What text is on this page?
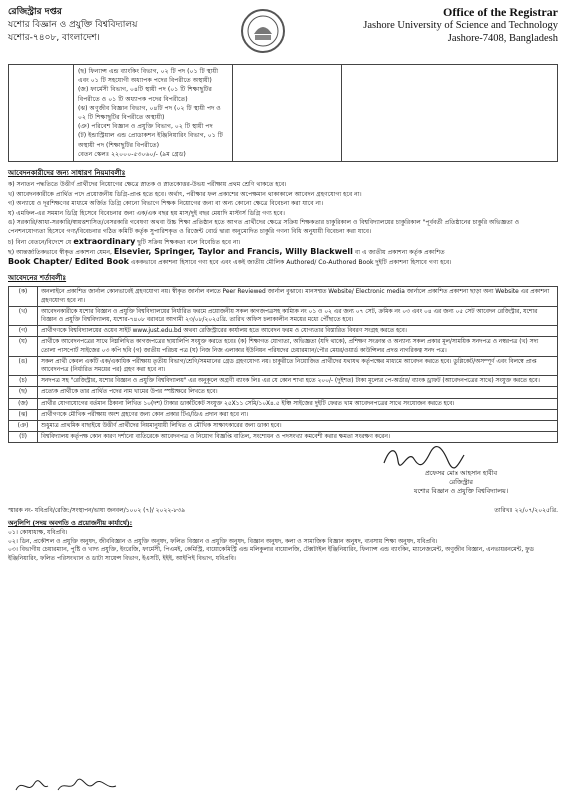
রেজিস্ট্রার দপ্তর
যশোর বিজ্ঞান ও প্রযুক্তি বিশ্ববিদ্যালয়
যশোর-৭৪০৮, বাংলাদেশ।
Office of the Registrar
Jashore University of Science and Technology
Jashore-7408, Bangladesh

(ছ) ফিন্যান্স এন্ড ব্যাংকিং বিভাগ, ০২ টি পদ (০১ টি স্থায়ী এবং ০১ টি সহযোগী অধ্যাপক পদের বিপরীতে অস্থায়ী)

(জ) ফার্মেসী বিভাগ, ০৪টি স্থায়ী পদ (০১ টি শিক্ষাছুটির বিপরীতে ও ০১ টি অধ্যাপক পদের বিপরীতে)

(ঝ) অণুজীব বিজ্ঞান বিভাগ, ০৪টি পদ (০২ টি স্থায়ী পদ ও ০২ টি শিক্ষাছুটির বিপরীতে অস্থায়ী)

(ঞ) পরিবেশ বিজ্ঞান ও প্রযুক্তি বিভাগ, ০২ টি স্থায়ী পদ

(ট) ইন্ডাস্ট্রিয়াল এন্ড প্রোডাকশন ইঞ্জিনিয়ারিং বিভাগ, ০১ টি অস্থায়ী পদ (শিক্ষাছুটির বিপরীতে)

বেতন স্কেলঃ ২২০০০-৫৩০৬০/- (৯ম গ্রেড)

আবেদনকারীদের জন্য সাধারণ নিয়মাবলীঃ
ক) সনাতন পদ্ধতিতে উত্তীর্ণ প্রার্থীদের নিয়োগের ক্ষেত্রে স্নাতক ও স্নাতকোত্তর-উভয় পরীক্ষায় প্রথম শ্রেণি থাকতে হবে।
খ) আবেদনকারীকে প্রার্থিত পদে প্রয়োজনীয় ডিগ্রি-প্রাপ্ত হতে হবে। অর্থাৎ, পরীক্ষার ফল প্রকাশের অপেক্ষমান থাকাকালে আবেদন গ্রহণযোগ্য হবে না।
গ) অন্যায়ে ও দূরশিক্ষণের মাধ্যমে অর্জিত ডিগ্রি কোনো বিভাগে শিক্ষক নিয়োগের জন্য বা অন্য কোনো ক্ষেত্রে বিবেচনা করা যাবে না।
ঘ) এমফিল-এর সমমান ডিগ্রি হিসেবে বিবেচনার জন্য এক/এক বছর হয় মাস/দুই বছর মেয়াদি মাস্টার্স ডিগ্রি গণ্য হবে।
ঙ) সরকারি/আধা-সরকারি/স্বায়ত্তশাসিত/বেসরকারি গবেষণা অথবা উচ্চ শিক্ষা প্রতিষ্ঠান হতে আগত প্রার্থীদের ক্ষেত্রে সক্রিয় শিক্ষকতার চাকুরিকাল ও বিশ্ববিদ্যালয়ের চাকুরিকাল "পূর্ববর্তী প্রতিষ্ঠানের চাকুরি অভিজ্ঞতা ও পেনশনযোগ্যতা হিসেবে গণ্য/বিবেচনার গঠিত কমিটি কর্তৃক সুপারিশকৃত ও রিজেন্ট বোর্ড দ্বারা অনুমোদিত চাকুরি গণনা বিধি অনুযায়ী বিবেচনা করা যাবে।
চ) বিনা বেতনে/বিদেশে যে extraordinary ছুটি সক্রিয় শিক্ষকতা বলে বিবেচিত হবে না।
ছ) আন্তর্জাতিকভাবে স্বীকৃত প্রকাশনা যেমন, Elsevier, Springer, Taylor and Francis, Willy Blackwell বা এ জাতীয় প্রকাশনা কর্তৃক প্রকাশিত
Book Chapter/ Edited Book এককভাবে প্রকাশনা হিসাবে গণ্য হবে এবং একই জাতীয় মৌলিক Authored/ Co-Authored Book দুইটি প্রকাশনা হিসাবে গণ্য হবে।
আবেদনের শর্তাবলীঃ
(ক)	অনলাইনে প্রকাশিত জার্নাল কোনভাবেই গ্রহণযোগ্য নয়। স্বীকৃত জার্নাল বলতে Peer Reviewed জার্নাল বুঝাবে। মানসম্মত Website/ Electronic media জার্নালে প্রকাশিত প্রকাশনা ছাড়া অন্য Website এর প্রকাশনা গ্রহণযোগ্য হবে না।
(খ)	আবেদনকারীকে যশোর বিজ্ঞান ও প্রযুক্তি বিশ্ববিদ্যালয়ের নির্ধারিত ফরমে প্রয়োজনীয় সকল কাগজপত্রসহ কাম্যিক নং ০১ ও ০২ এর জন্য ০৭ সেট, ক্রমিক নং ০৩ এবং ০৪ এর জন্য ০৫ সেট আবেদন রেজিস্ট্রার, যশোর বিজ্ঞান ও প্রযুক্তি বিশ্ববিদ্যালয়, যশোর-৭৪০৮ বরাবরে আগামী ২৩/০৮/২০২৫খ্রি. তারিখ অফিস চলাকালীন সময়ের মধ্যে পৌঁছাতে হবে।
(গ)	প্রার্থীগণকে বিশ্ববিদ্যালয়ের ওয়েব সাইট www.just.edu.bd অথবা রেজিস্ট্রারের কার্যালয় হতে আবেদন ফরম ও যোগ্যতার বিস্তারিত বিবরণ সংগ্রহ করতে হবে।
(ঘ)	প্রার্থীকে আবেদনপত্রের সাথে নিম্নলিখিত কাগজপত্রের ছায়ালিপি সংযুক্ত করতে হবেঃ (ক) শিক্ষাগত যোগ্যতা, অভিজ্ঞতা (যদি থাকে), প্রশিক্ষণ সংক্রান্ত ও অন্যান্য সকল প্রকার মূল/সাময়িক সনদপত্র ও নম্বরপত্র (খ) সদ্য তোলা পাসপোর্ট সাইজের ০৩ কপি ছবি (গ) জাতীয় পরিচয় পত্র (ঘ) নিজ নিজ এলাকার ইউনিয়ন পরিষদের চেয়ারম্যান/পৌর মেয়র/ওয়ার্ড কাউন্সিলর প্রদত্ত নাগরিকত্ব সনদ পত্র।
(ঙ)	সকল প্রার্থী কেবল একটি এক/একাধিক পরীক্ষায় তৃতীয় বিভাগ/শ্রেণি/সমমানের গ্রেড গ্রহণযোগ্য নয়। চাকুরীতে নিয়োজিত প্রার্থীদের যথাযথ কর্তৃপক্ষের মাধ্যমে আবেদন করতে হবে। ডুপ্লিকেট/অসম্পূর্ণ এবং বিলম্বে প্রাপ্ত আবেদনপত্র (নির্ধারিত সময়ের পর) গ্রহণ করা হবে না।
(চ)	সনদপত্র সহ "রেজিস্ট্রার, যশোর বিজ্ঞান ও প্রযুক্তি বিশ্ববিদ্যালয়" এর অনুকূলে অগ্রণী ব্যাংক লিঃ এর যে কোন শাখা হতে ২০০/- (দুইশত) টাকা মূল্যের পে-অর্ডার/ ব্যাংক ড্রাফট (আবেদনপত্রের সাথে) সংযুক্ত করতে হবে।
(ছ)	প্রত্যেক প্রার্থীকে তার প্রার্থিত পদের নাম খামের উপর স্পষ্টাক্ষরে লিখতে হবে।
(জ)	প্রার্থীর যোগাযোগের বর্তমান ঠিকানা লিখিত ১০(দশ) টাকার ডাকটিকেট সংযুক্ত ২৫X১১ সেমি/১০X৪.৫ ইঞ্চি সাইজের দুইটি ফেরত খাম আবেদনপত্রের সাথে সংযোজন করতে হবে।
(ঝ)	প্রার্থীগণকে মৌখিক পরীক্ষায় অংশ গ্রহণের জন্য কোন প্রকার টিএ/ডিএ প্রদান করা হবে না।
(ঞ)	শুধুমাত্র প্রাথমিক বাছাইয়ে উত্তীর্ণ প্রার্থীদের নিয়মানুযায়ী লিখিত ও মৌখিক সাক্ষাৎকারের জন্য ডাকা হবে।
(ট)	বিশ্ববিদ্যালয় কর্তৃপক্ষ কোন কারণ দর্শানো ব্যতিরেকে আবেদনপত্র ও নিয়োগ বিজ্ঞপ্তি বাতিল, সংশোধন ও পদসংখ্যা কমবেশী করার ক্ষমতা সংরক্ষণ করেন।
প্রফেসর মোঃ আহসান হাবীব
রেজিস্ট্রার
যশোর বিজ্ঞান ও প্রযুক্তি বিশ্ববিদ্যালয়।
স্মারক নং- যবিপ্রবি/রেজি:/সংস্থাপন/ভাষা জনবল/১০০২ (৭)/ ২০২২-৮৩৯	তারিখঃ ২২/০৭/২০২৫খ্রি.
অনুলিপি (সদয় অবগতি ও প্রয়োজনীয় কার্যার্থে):
০১। কোষাধ্যক্ষ, যবিপ্রবি।
০২। ডিন, প্রকৌশল ও প্রযুক্তি অনুষদ, জীববিজ্ঞান ও প্রযুক্তি অনুষদ, ফলিত বিজ্ঞান ও প্রযুক্তি অনুষদ, বিজ্ঞান অনুষদ, কলা ও সামাজিক বিজ্ঞান অনুষদ, ব্যবসায় শিক্ষা অনুষদ, যবিপ্রবি।
০৩। বিভাগীয় চেয়ারম্যান, পুষ্টি ও খাদ্য প্রযুক্তি, ইংরেজি, ফার্মেসী, পিএমই, কেমিস্ট্রি, বায়োকেমিস্ট্রি এন্ড মলিকুলার বায়োলজি, টেক্সটাইল ইঞ্জিনিয়ারিং, ফিন্যান্স এন্ড ব্যাংকিং, ম্যানেজমেন্ট, অণুজীব বিজ্ঞান, এনভায়রনমেন্ট, ফুড ইঞ্জিনিয়ারিং, ফলিত পরিসংখ্যান ও ডাটা সায়েন্স বিভাগ, ইএসটি, ইইই, আইপিই বিভাগ, যবিপ্রবি।
